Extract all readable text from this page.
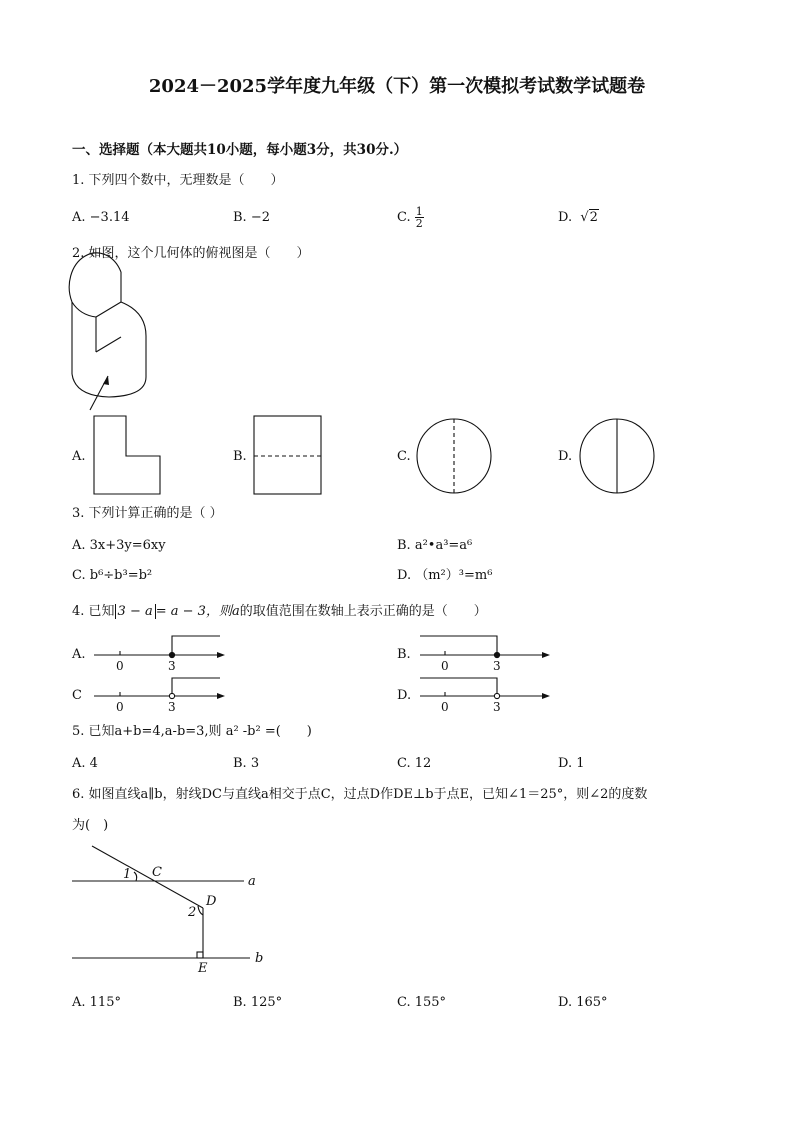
2024－2025学年度九年级（下）第一次模拟考试数学试题卷
一、选择题（本大题共10小题，每小题3分，共30分.）
1. 下列四个数中，无理数是（　　）
A. −3.14	B. −2	C. $\frac{1}{2}$	D.  √2
2. 如图，这个几何体的俯视图是（　　）
A.	B.	C.	D.
3. 下列计算正确的是（ ）
A. 3x+3y=6xy	B. a²•a³=a⁶
C. b⁶÷b³=b²	D. （m²）³=m⁶
4. 已知 3 − a = a − 3，则a的取值范围在数轴上表示正确的是（　　）
A.	B.
C	D.
0	3	0	3
0	3	0	3
5. 已知a+b=4,a-b=3,则 a² -b² =(　　)
A. 4	B. 3	C. 12	D. 1
6. 如图直线a∥b，射线DC与直线a相交于点C，过点D作DE⊥b于点E，已知∠1＝25°，则∠2的度数
为(　)
1 C
a
D
2
E
b
A. 115°	B. 125°	C. 155°	D. 165°
